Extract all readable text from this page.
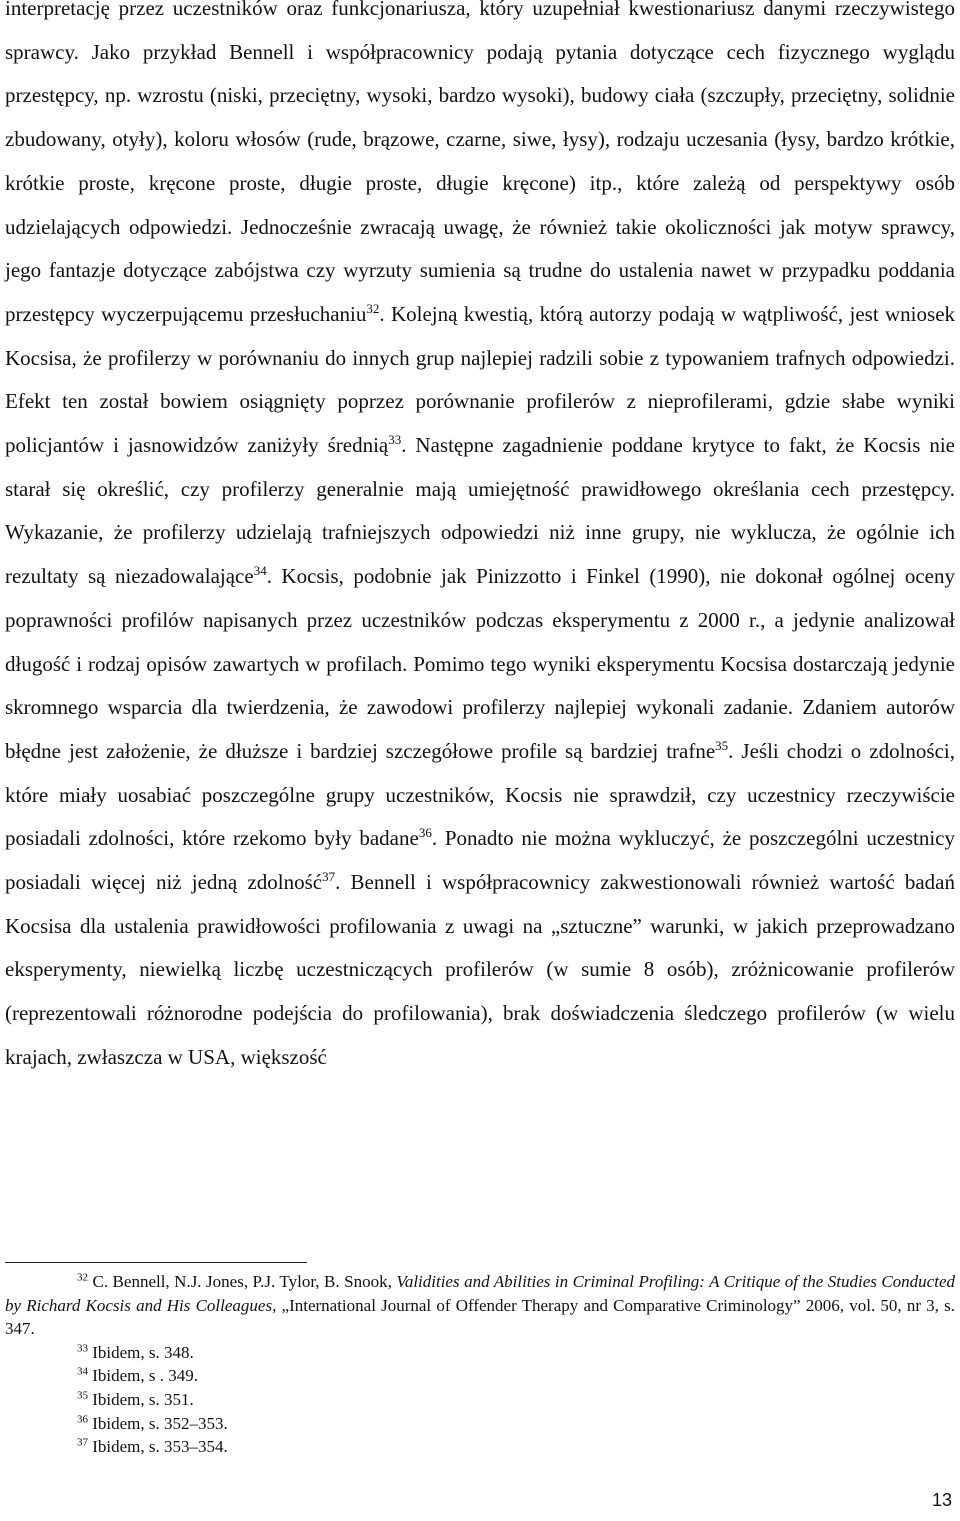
interpretację przez uczestników oraz funkcjonariusza, który uzupełniał kwestionariusz danymi rzeczywistego sprawcy. Jako przykład Bennell i współpracownicy podają pytania dotyczące cech fizycznego wyglądu przestępcy, np. wzrostu (niski, przeciętny, wysoki, bardzo wysoki), budowy ciała (szczupły, przeciętny, solidnie zbudowany, otyły), koloru włosów (rude, brązowe, czarne, siwe, łysy), rodzaju uczesania (łysy, bardzo krótkie, krótkie proste, kręcone proste, długie proste, długie kręcone) itp., które zależą od perspektywy osób udzielających odpowiedzi. Jednocześnie zwracają uwagę, że również takie okoliczności jak motyw sprawcy, jego fantazje dotyczące zabójstwa czy wyrzuty sumienia są trudne do ustalenia nawet w przypadku poddania przestępcy wyczerpującemu przesłuchaniu$^{32}$. Kolejną kwestią, którą autorzy podają w wątpliwość, jest wniosek Kocsisa, że profilerzy w porównaniu do innych grup najlepiej radzili sobie z typowaniem trafnych odpowiedzi. Efekt ten został bowiem osiągnięty poprzez porównanie profilerów z nieprofilerami, gdzie słabe wyniki policjantów i jasnowidzów zaniżyły średnią$^{33}$. Następne zagadnienie poddane krytyce to fakt, że Kocsis nie starał się określić, czy profilerzy generalnie mają umiejętność prawidłowego określania cech przestępcy. Wykazanie, że profilerzy udzielają trafniejszych odpowiedzi niż inne grupy, nie wyklucza, że ogólnie ich rezultaty są niezadowalające$^{34}$. Kocsis, podobnie jak Pinizzotto i Finkel (1990), nie dokonał ogólnej oceny poprawności profilów napisanych przez uczestników podczas eksperymentu z 2000 r., a jedynie analizował długość i rodzaj opisów zawartych w profilach. Pomimo tego wyniki eksperymentu Kocsisa dostarczają jedynie skromnego wsparcia dla twierdzenia, że zawodowi profilerzy najlepiej wykonali zadanie. Zdaniem autorów błędne jest założenie, że dłuższe i bardziej szczegółowe profile są bardziej trafne$^{35}$. Jeśli chodzi o zdolności, które miały uosabiać poszczególne grupy uczestników, Kocsis nie sprawdził, czy uczestnicy rzeczywiście posiadali zdolności, które rzekomo były badane$^{36}$. Ponadto nie można wykluczyć, że poszczególni uczestnicy posiadali więcej niż jedną zdolność$^{37}$. Bennell i współpracownicy zakwestionowali również wartość badań Kocsisa dla ustalenia prawidłowości profilowania z uwagi na „sztuczne” warunki, w jakich przeprowadzano eksperymenty, niewielką liczbę uczestniczących profilerów (w sumie 8 osób), zróżnicowanie profilerów (reprezentowali różnorodne podejścia do profilowania), brak doświadczenia śledczego profilerów (w wielu krajach, zwłaszcza w USA, większość

$^{32}$ C. Bennell, N.J. Jones, P.J. Tylor, B. Snook, Validities and Abilities in Criminal Profiling: A Critique of the Studies Conducted by Richard Kocsis and His Colleagues, „International Journal of Offender Therapy and Comparative Criminology” 2006, vol. 50, nr 3, s. 347.

$^{33}$ Ibidem, s. 348.

$^{34}$ Ibidem, s . 349.

$^{35}$ Ibidem, s. 351.

$^{36}$ Ibidem, s. 352–353.

$^{37}$ Ibidem, s. 353–354.

13
